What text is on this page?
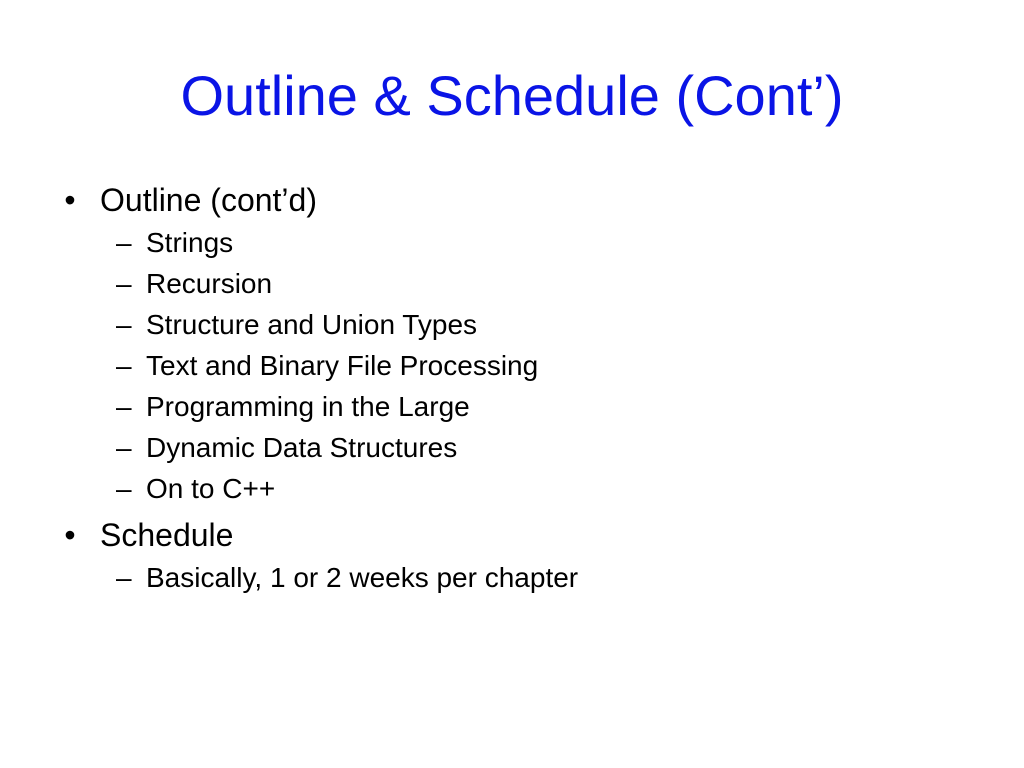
Outline & Schedule (Cont’)
• Outline (cont’d)
– Strings
– Recursion
– Structure and Union Types
– Text and Binary File Processing
– Programming in the Large
– Dynamic Data Structures
– On to C++
• Schedule
– Basically, 1 or 2 weeks per chapter
